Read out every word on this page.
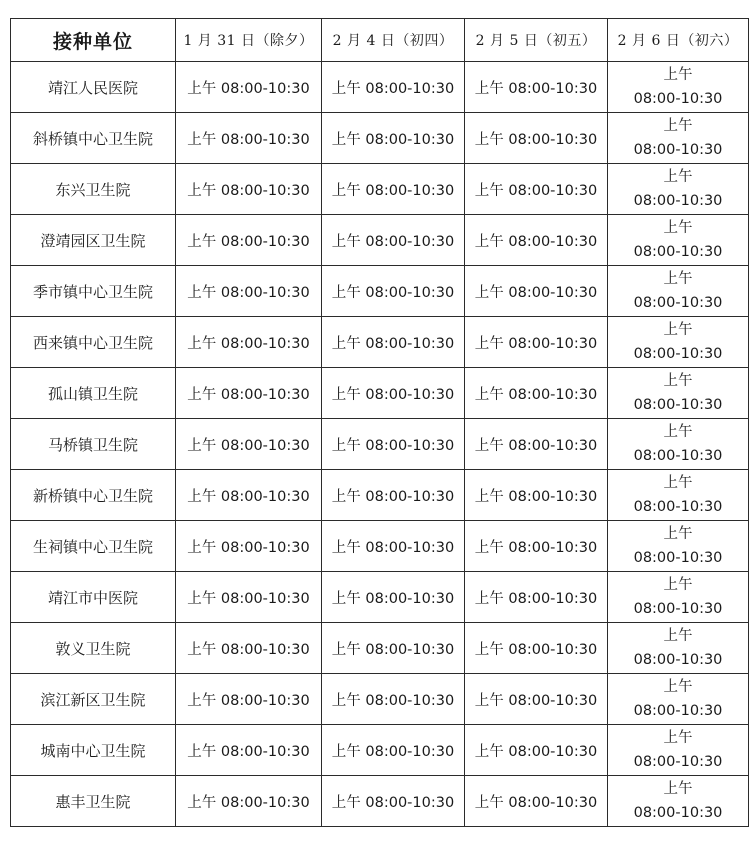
接种单位	1 月 31 日（除夕）	2 月 4 日（初四）	2 月 5 日（初五）	2 月 6 日（初六）
靖江人民医院	上午 08:00-10:30	上午 08:00-10:30	上午 08:00-10:30	上午
08:00-10:30

斜桥镇中心卫生院	上午 08:00-10:30	上午 08:00-10:30	上午 08:00-10:30	上午
08:00-10:30

东兴卫生院	上午 08:00-10:30	上午 08:00-10:30	上午 08:00-10:30	上午
08:00-10:30

澄靖园区卫生院	上午 08:00-10:30	上午 08:00-10:30	上午 08:00-10:30	上午
08:00-10:30

季市镇中心卫生院	上午 08:00-10:30	上午 08:00-10:30	上午 08:00-10:30	上午
08:00-10:30

西来镇中心卫生院	上午 08:00-10:30	上午 08:00-10:30	上午 08:00-10:30	上午
08:00-10:30

孤山镇卫生院	上午 08:00-10:30	上午 08:00-10:30	上午 08:00-10:30	上午
08:00-10:30

马桥镇卫生院	上午 08:00-10:30	上午 08:00-10:30	上午 08:00-10:30	上午
08:00-10:30

新桥镇中心卫生院	上午 08:00-10:30	上午 08:00-10:30	上午 08:00-10:30	上午
08:00-10:30

生祠镇中心卫生院	上午 08:00-10:30	上午 08:00-10:30	上午 08:00-10:30	上午
08:00-10:30

靖江市中医院	上午 08:00-10:30	上午 08:00-10:30	上午 08:00-10:30	上午
08:00-10:30

敦义卫生院	上午 08:00-10:30	上午 08:00-10:30	上午 08:00-10:30	上午
08:00-10:30

滨江新区卫生院	上午 08:00-10:30	上午 08:00-10:30	上午 08:00-10:30	上午
08:00-10:30

城南中心卫生院	上午 08:00-10:30	上午 08:00-10:30	上午 08:00-10:30	上午
08:00-10:30

惠丰卫生院	上午 08:00-10:30	上午 08:00-10:30	上午 08:00-10:30	上午
08:00-10:30
